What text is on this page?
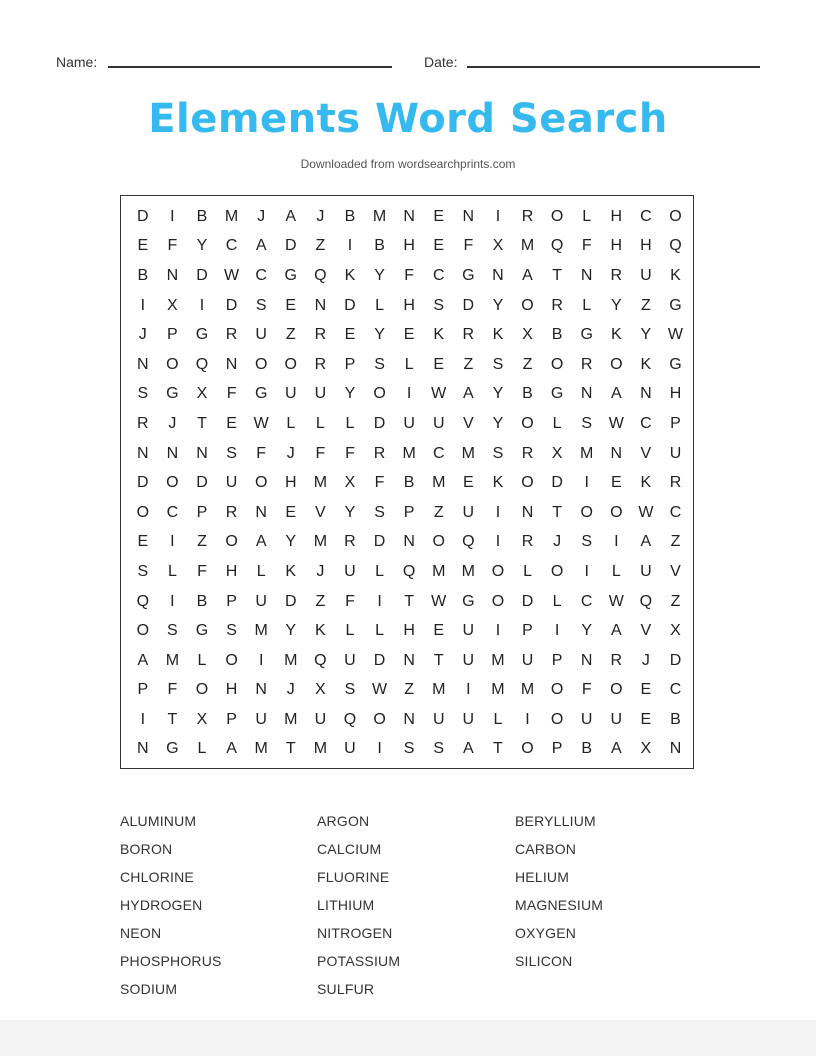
Name:	Date:
Elements Word Search
Downloaded from wordsearchprints.com
D	I	B	M	J	A	J	B	M	N	E	N	I	R	O	L	H	C	O
E	F	Y	C	A	D	Z	I	B	H	E	F	X	M	Q	F	H	H	Q
B	N	D	W	C	G	Q	K	Y	F	C	G	N	A	T	N	R	U	K
I	X	I	D	S	E	N	D	L	H	S	D	Y	O	R	L	Y	Z	G
J	P	G	R	U	Z	R	E	Y	E	K	R	K	X	B	G	K	Y	W
N	O	Q	N	O	O	R	P	S	L	E	Z	S	Z	O	R	O	K	G
S	G	X	F	G	U	U	Y	O	I	W	A	Y	B	G	N	A	N	H
R	J	T	E	W	L	L	L	D	U	U	V	Y	O	L	S	W	C	P
N	N	N	S	F	J	F	F	R	M	C	M	S	R	X	M	N	V	U
D	O	D	U	O	H	M	X	F	B	M	E	K	O	D	I	E	K	R
O	C	P	R	N	E	V	Y	S	P	Z	U	I	N	T	O	O W	C
E	I	Z	O	A	Y	M	R	D	N	O	Q	I	R	J	S	I	A	Z
S	L	F	H	L	K	J	U	L	Q	M	M	O	L	O	I	L	U	V
Q	I	B	P	U	D	Z	F	I	T	W G	O	D	L	C	W Q	Z
O	S	G	S	M	Y	K	L	L	H	E	U	I	P	I	Y	A	V	X
A	M	L	O	I	M	Q	U	D	N	T	U	M	U	P	N	R	J	D
P	F	O	H	N	J	X	S	W	Z	M	I	M	M	O	F	O	E	C
I	T	X	P	U	M	U	Q	O	N	U	U	L	I	O	U	U	E	B
N	G	L	A	M	T	M	U	I	S	S	A	T	O	P	B	A	X	N
ALUMINUM	ARGON	BERYLLIUM
BORON	CALCIUM	CARBON
CHLORINE	FLUORINE	HELIUM
HYDROGEN	LITHIUM	MAGNESIUM
NEON	NITROGEN	OXYGEN
PHOSPHORUS	POTASSIUM	SILICON
SODIUM	SULFUR
